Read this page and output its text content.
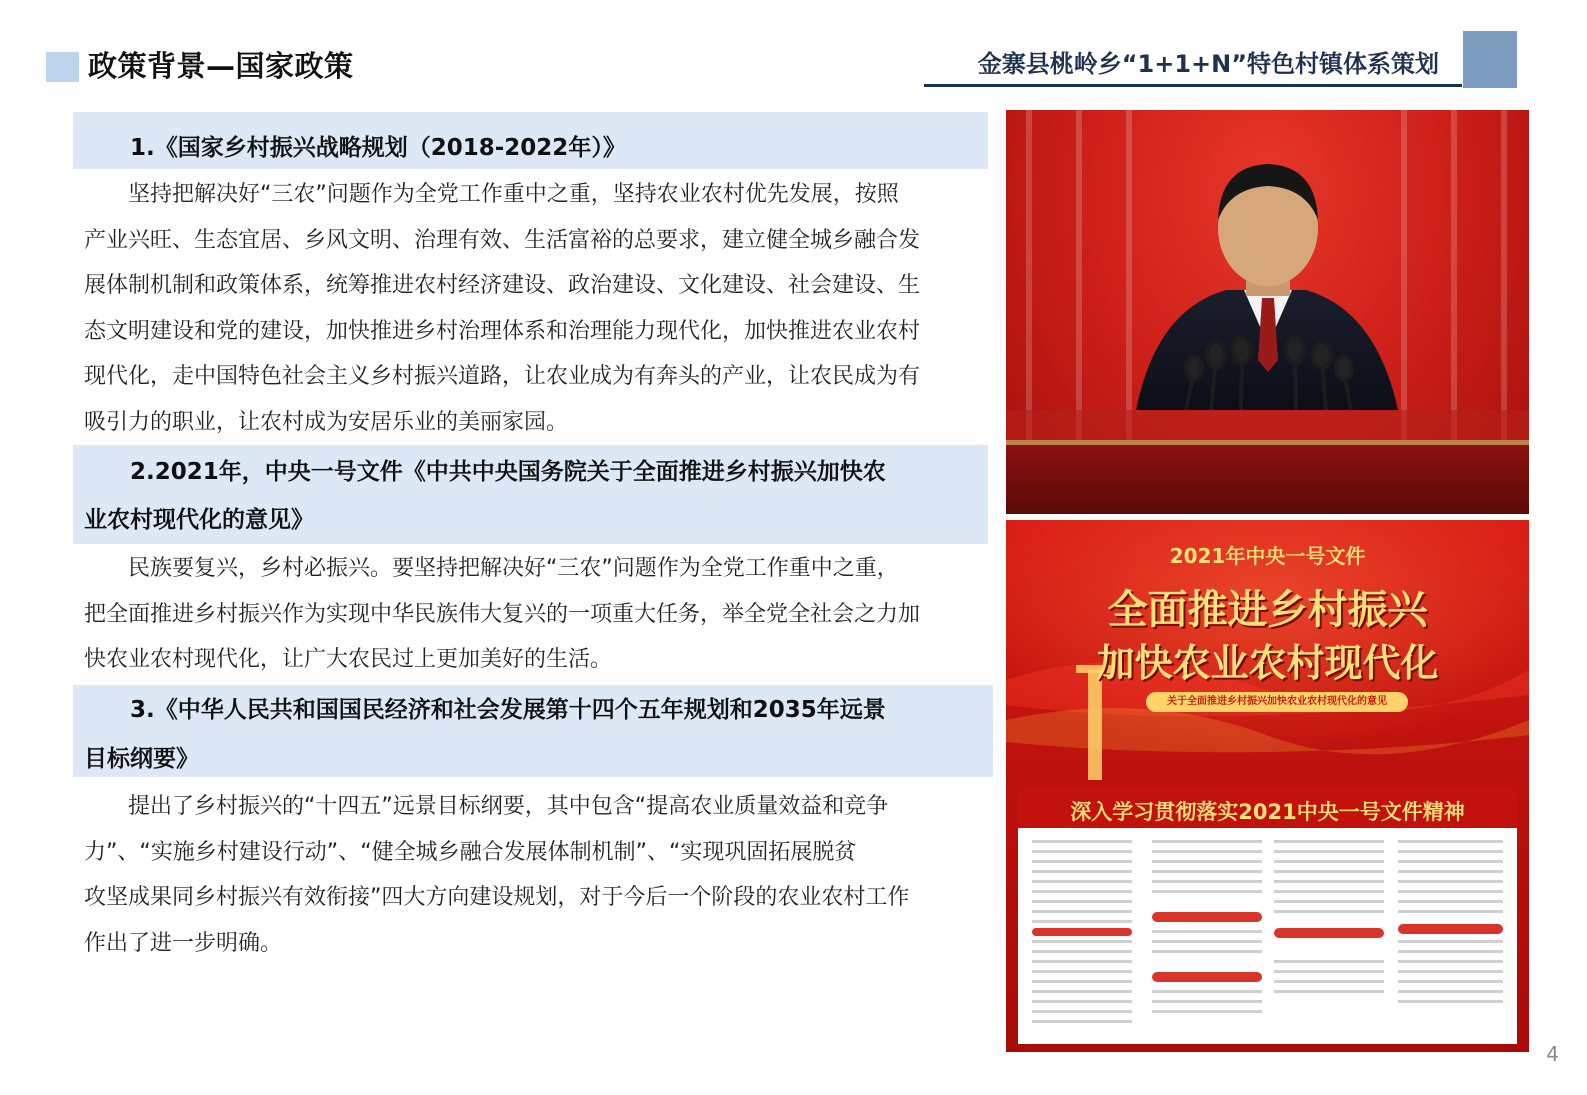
政策背景—国家政策	金寨县桃岭乡“1+1+N”特色村镇体系策划
1.《国家乡村振兴战略规划（2018-2022年）》
坚持把解决好“三农”问题作为全党工作重中之重，坚持农业农村优先发展，按照
产业兴旺、生态宜居、乡风文明、治理有效、生活富裕的总要求，建立健全城乡融合发
展体制机制和政策体系，统筹推进农村经济建设、政治建设、文化建设、社会建设、生
态文明建设和党的建设，加快推进乡村治理体系和治理能力现代化，加快推进农业农村
现代化，走中国特色社会主义乡村振兴道路，让农业成为有奔头的产业，让农民成为有
吸引力的职业，让农村成为安居乐业的美丽家园。
2.2021年，中央一号文件《中共中央国务院关于全面推进乡村振兴加快农
业农村现代化的意见》
民族要复兴，乡村必振兴。要坚持把解决好“三农”问题作为全党工作重中之重，
把全面推进乡村振兴作为实现中华民族伟大复兴的一项重大任务，举全党全社会之力加
快农业农村现代化，让广大农民过上更加美好的生活。
3.《中华人民共和国国民经济和社会发展第十四个五年规划和2035年远景
目标纲要》
提出了乡村振兴的“十四五”远景目标纲要，其中包含“提高农业质量效益和竞争
力”、“实施乡村建设行动”、“健全城乡融合发展体制机制”、“实现巩固拓展脱贫
攻坚成果同乡村振兴有效衔接”四大方向建设规划，对于今后一个阶段的农业农村工作
作出了进一步明确。
2021年中央一号文件
全面推进乡村振兴
加快农业农村现代化
关于全面推进乡村振兴加快农业农村现代化的意见
深入学习贯彻落实2021中央一号文件精神
4
